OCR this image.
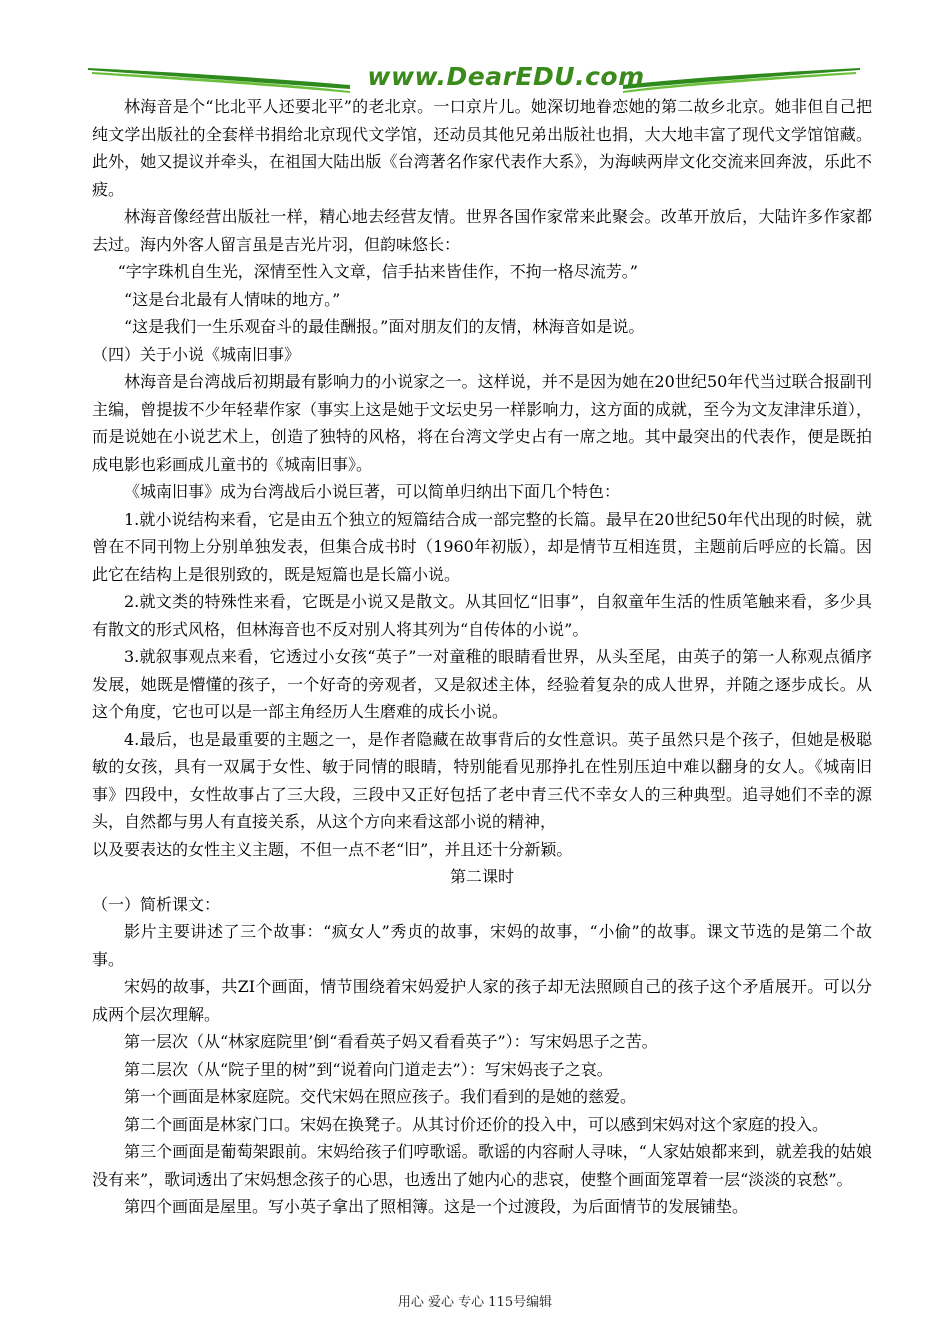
www.DearEDU.com

林海音是个“比北平人还要北平”的老北京。一口京片儿。她深切地眷恋她的第二故乡北京。她非但自己把纯文学出版社的全套样书捐给北京现代文学馆，还动员其他兄弟出版社也捐，大大地丰富了现代文学馆馆藏。此外，她又提议并牵头，在祖国大陆出版《台湾著名作家代表作大系》，为海峡两岸文化交流来回奔波，乐此不疲。

林海音像经营出版社一样，精心地去经营友情。世界各国作家常来此聚会。改革开放后，大陆许多作家都去过。海内外客人留言虽是吉光片羽，但韵味悠长：

“字字珠机自生光，深情至性入文章，信手拈来皆佳作，不拘一格尽流芳。”

“这是台北最有人情味的地方。”

“这是我们一生乐观奋斗的最佳酬报。”面对朋友们的友情，林海音如是说。

（四）关于小说《城南旧事》

林海音是台湾战后初期最有影响力的小说家之一。这样说，并不是因为她在20世纪50年代当过联合报副刊主编，曾提拔不少年轻辈作家（事实上这是她于文坛史另一样影响力，这方面的成就，至今为文友津津乐道），而是说她在小说艺术上，创造了独特的风格，将在台湾文学史占有一席之地。其中最突出的代表作，便是既拍成电影也彩画成儿童书的《城南旧事》。

《城南旧事》成为台湾战后小说巨著，可以简单归纳出下面几个特色：

1.就小说结构来看，它是由五个独立的短篇结合成一部完整的长篇。最早在20世纪50年代出现的时候，就曾在不同刊物上分别单独发表，但集合成书时（1960年初版），却是情节互相连贯，主题前后呼应的长篇。因此它在结构上是很别致的，既是短篇也是长篇小说。

2.就文类的特殊性来看，它既是小说又是散文。从其回忆“旧事”，自叙童年生活的性质笔触来看，多少具有散文的形式风格，但林海音也不反对别人将其列为“自传体的小说”。

3.就叙事观点来看，它透过小女孩“英子”一对童稚的眼睛看世界，从头至尾，由英子的第一人称观点循序发展，她既是懵懂的孩子，一个好奇的旁观者，又是叙述主体，经验着复杂的成人世界，并随之逐步成长。从这个角度，它也可以是一部主角经历人生磨难的成长小说。

4.最后，也是最重要的主题之一，是作者隐藏在故事背后的女性意识。英子虽然只是个孩子，但她是极聪敏的女孩，具有一双属于女性、敏于同情的眼睛，特别能看见那挣扎在性别压迫中难以翻身的女人。《城南旧事》四段中，女性故事占了三大段，三段中又正好包括了老中青三代不幸女人的三种典型。追寻她们不幸的源头，自然都与男人有直接关系，从这个方向来看这部小说的精神，

以及要表达的女性主义主题，不但一点不老“旧”，并且还十分新颖。

第二课时

（一）简析课文：

影片主要讲述了三个故事：“疯女人”秀贞的故事，宋妈的故事，“小偷”的故事。课文节选的是第二个故事。

宋妈的故事，共ZI个画面，情节围绕着宋妈爱护人家的孩子却无法照顾自己的孩子这个矛盾展开。可以分成两个层次理解。

第一层次（从“林家庭院里’倒“看看英子妈又看看英子”）：写宋妈思子之苦。

第二层次（从“院子里的树”到“说着向门道走去”）：写宋妈丧子之哀。

第一个画面是林家庭院。交代宋妈在照应孩子。我们看到的是她的慈爱。

第二个画面是林家门口。宋妈在换凳子。从其讨价还价的投入中，可以感到宋妈对这个家庭的投入。

第三个画面是葡萄架跟前。宋妈给孩子们哼歌谣。歌谣的内容耐人寻味，“人家姑娘都来到，就差我的姑娘没有来”，歌词透出了宋妈想念孩子的心思，也透出了她内心的悲哀，使整个画面笼罩着一层“淡淡的哀愁”。

第四个画面是屋里。写小英子拿出了照相簿。这是一个过渡段，为后面情节的发展铺垫。

用心 爱心 专心 115号编辑
